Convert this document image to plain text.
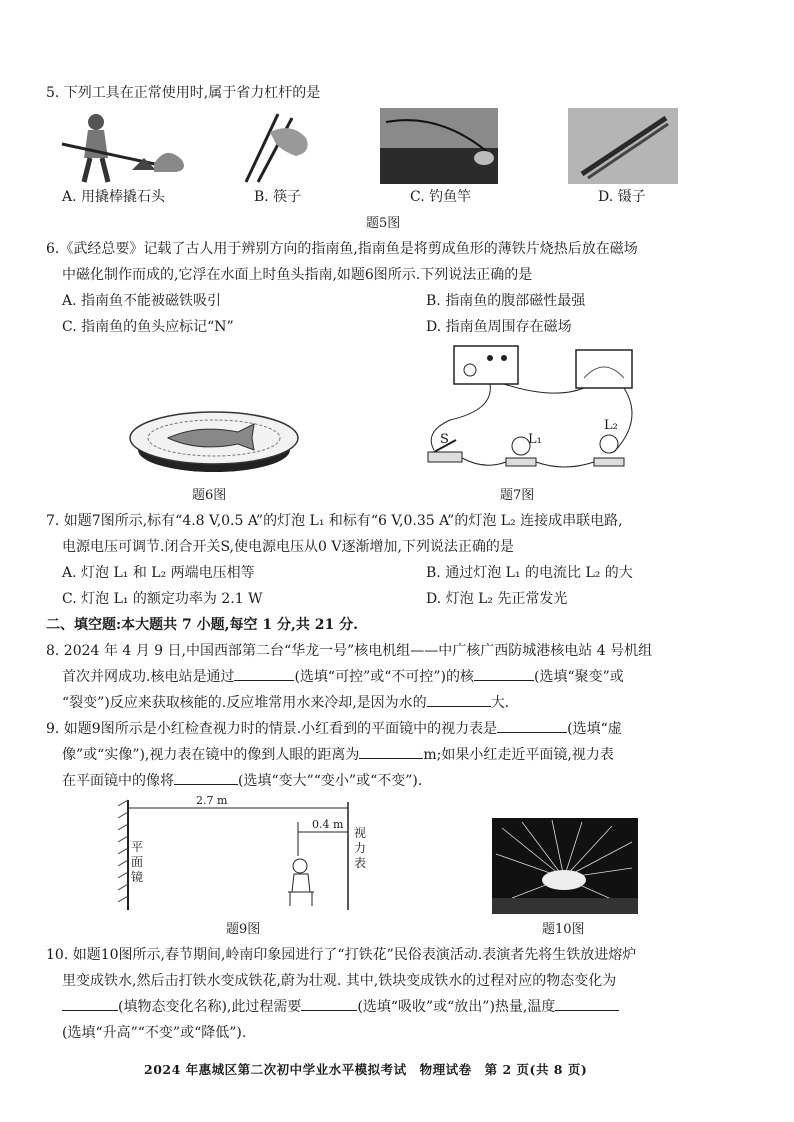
5. 下列工具在正常使用时,属于省力杠杆的是
A. 用撬棒撬石头	B. 筷子	C. 钓鱼竿	D. 镊子
题5图
6.《武经总要》记载了古人用于辨别方向的指南鱼,指南鱼是将剪成鱼形的薄铁片烧热后放在磁场
中磁化制作而成的,它浮在水面上时鱼头指南,如题6图所示.下列说法正确的是
A. 指南鱼不能被磁铁吸引	B. 指南鱼的腹部磁性最强
C. 指南鱼的鱼头应标记“N”	D. 指南鱼周围存在磁场
题6图
S	L₁
L₂
题7图
7. 如题7图所示,标有“4.8 V,0.5 A”的灯泡 L₁ 和标有“6 V,0.35 A”的灯泡 L₂ 连接成串联电路,
电源电压可调节.闭合开关S,使电源电压从0 V逐渐增加,下列说法正确的是
A. 灯泡 L₁ 和 L₂ 两端电压相等	B. 通过灯泡 L₁ 的电流比 L₂ 的大
C. 灯泡 L₁ 的额定功率为 2.1 W	D. 灯泡 L₂ 先正常发光
二、填空题:本大题共 7 小题,每空 1 分,共 21 分.
8. 2024 年 4 月 9 日,中国西部第二台“华龙一号”核电机组——中广核广西防城港核电站 4 号机组
首次并网成功.核电站是通过	(选填“可控”或“不可控”)的核	(选填“聚变”或
“裂变”)反应来获取核能的.反应堆常用水来冷却,是因为水的	大.
9. 如题9图所示是小红检查视力时的情景.小红看到的平面镜中的视力表是	(选填“虚
像”或“实像”),视力表在镜中的像到人眼的距离为	m;如果小红走近平面镜,视力表
在平面镜中的像将	(选填“变大”“变小”或“不变”).
2.7 m
0.4 m
平面镜
视力表
题9图	题10图
10. 如题10图所示,春节期间,岭南印象园进行了“打铁花”民俗表演活动.表演者先将生铁放进熔炉
里变成铁水,然后击打铁水变成铁花,蔚为壮观. 其中,铁块变成铁水的过程对应的物态变化为
(填物态变化名称),此过程需要	(选填“吸收”或“放出”)热量,温度
(选填“升高”“不变”或“降低”).
2024 年惠城区第二次初中学业水平模拟考试　物理试卷　第 2 页(共 8 页)
